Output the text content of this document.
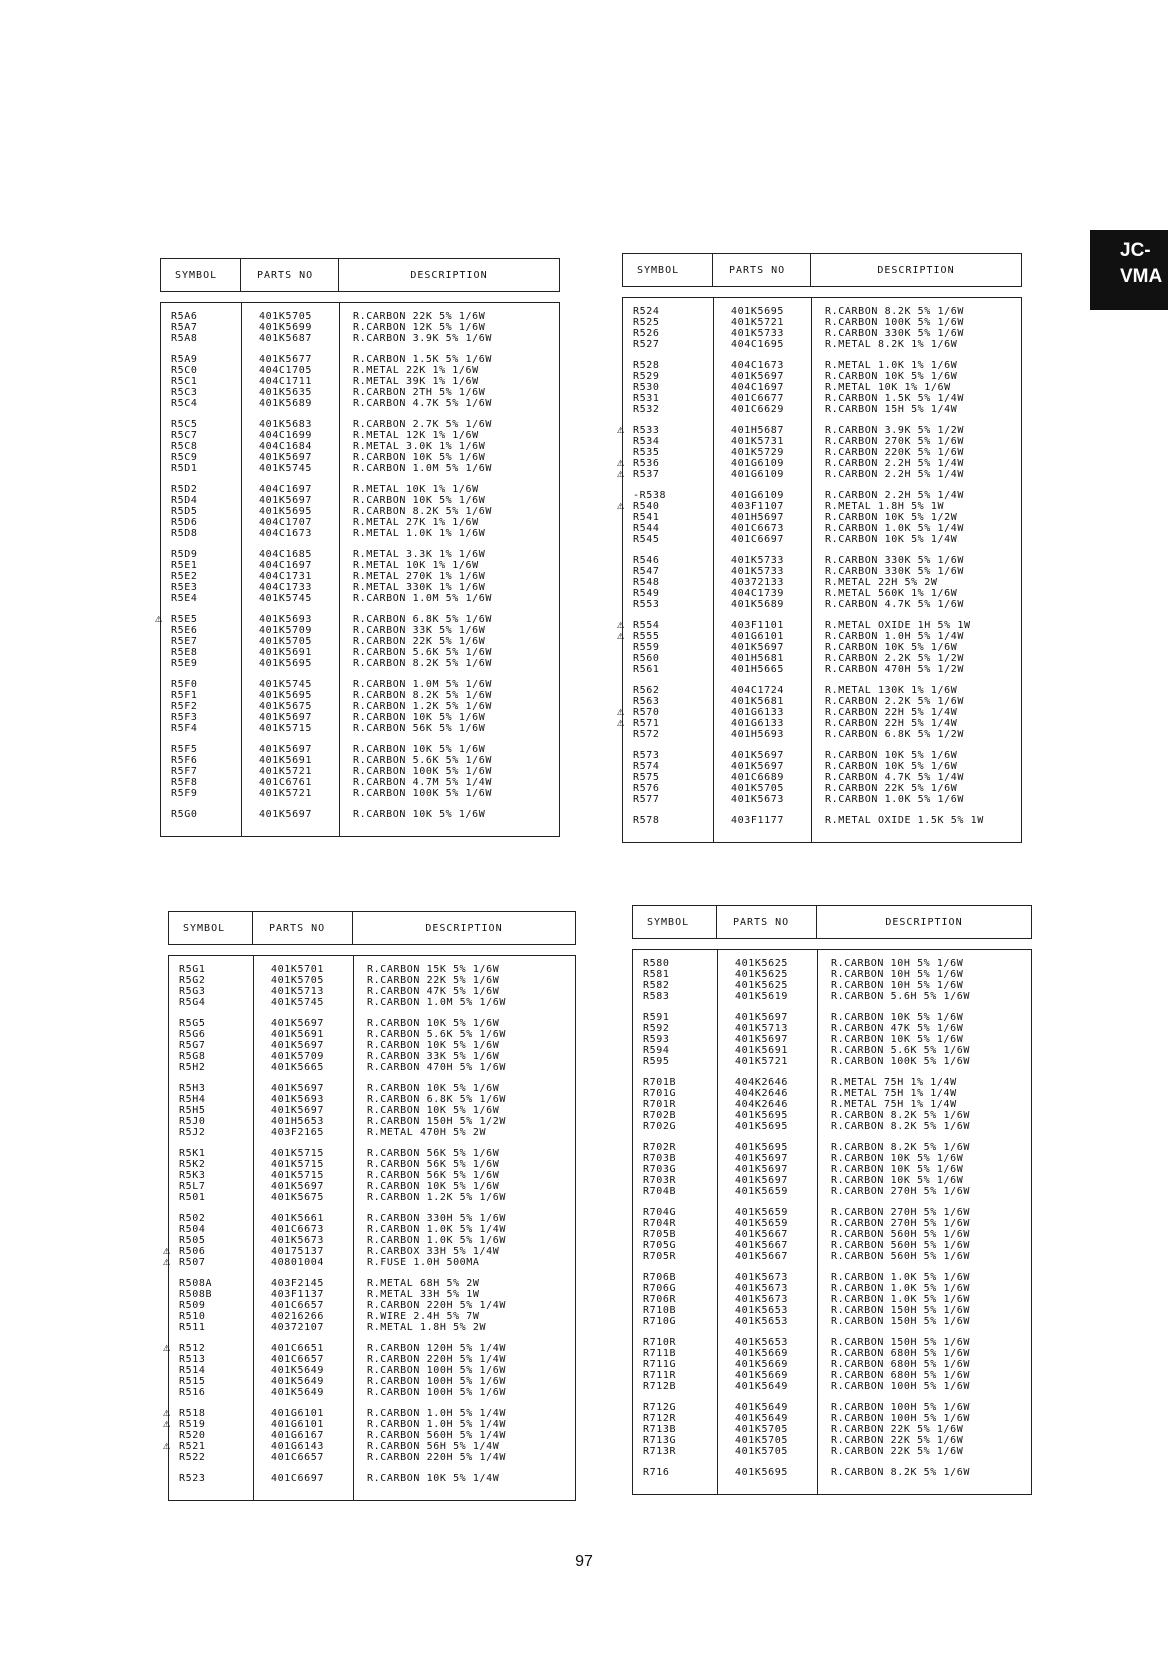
JC-
VMA
SYMBOL	PARTS NO	DESCRIPTION
R5A6	401K5705	R.CARBON 22K 5% 1/6W
R5A7	401K5699	R.CARBON 12K 5% 1/6W
R5A8	401K5687	R.CARBON 3.9K 5% 1/6W
R5A9	401K5677	R.CARBON 1.5K 5% 1/6W
R5C0	404C1705	R.METAL 22K 1% 1/6W
R5C1	404C1711	R.METAL 39K 1% 1/6W
R5C3	401K5635	R.CARBON 2TH 5% 1/6W
R5C4	401K5689	R.CARBON 4.7K 5% 1/6W
R5C5	401K5683	R.CARBON 2.7K 5% 1/6W
R5C7	404C1699	R.METAL 12K 1% 1/6W
R5C8	404C1684	R.METAL 3.0K 1% 1/6W
R5C9	401K5697	R.CARBON 10K 5% 1/6W
R5D1	401K5745	R.CARBON 1.0M 5% 1/6W
R5D2	404C1697	R.METAL 10K 1% 1/6W
R5D4	401K5697	R.CARBON 10K 5% 1/6W
R5D5	401K5695	R.CARBON 8.2K 5% 1/6W
R5D6	404C1707	R.METAL 27K 1% 1/6W
R5D8	404C1673	R.METAL 1.0K 1% 1/6W
R5D9	404C1685	R.METAL 3.3K 1% 1/6W
R5E1	404C1697	R.METAL 10K 1% 1/6W
R5E2	404C1731	R.METAL 270K 1% 1/6W
R5E3	404C1733	R.METAL 330K 1% 1/6W
R5E4	401K5745	R.CARBON 1.0M 5% 1/6W
⚠ R5E5	401K5693	R.CARBON 6.8K 5% 1/6W
R5E6	401K5709	R.CARBON 33K 5% 1/6W
R5E7	401K5705	R.CARBON 22K 5% 1/6W
R5E8	401K5691	R.CARBON 5.6K 5% 1/6W
R5E9	401K5695	R.CARBON 8.2K 5% 1/6W
R5F0	401K5745	R.CARBON 1.0M 5% 1/6W
R5F1	401K5695	R.CARBON 8.2K 5% 1/6W
R5F2	401K5675	R.CARBON 1.2K 5% 1/6W
R5F3	401K5697	R.CARBON 10K 5% 1/6W
R5F4	401K5715	R.CARBON 56K 5% 1/6W
R5F5	401K5697	R.CARBON 10K 5% 1/6W
R5F6	401K5691	R.CARBON 5.6K 5% 1/6W
R5F7	401K5721	R.CARBON 100K 5% 1/6W
R5F8	401C6761	R.CARBON 4.7M 5% 1/4W
R5F9	401K5721	R.CARBON 100K 5% 1/6W
R5G0	401K5697	R.CARBON 10K 5% 1/6W
SYMBOL	PARTS NO	DESCRIPTION
R524	401K5695	R.CARBON 8.2K 5% 1/6W
R525	401K5721	R.CARBON 100K 5% 1/6W
R526	401K5733	R.CARBON 330K 5% 1/6W
R527	404C1695	R.METAL 8.2K 1% 1/6W
R528	404C1673	R.METAL 1.0K 1% 1/6W
R529	401K5697	R.CARBON 10K 5% 1/6W
R530	404C1697	R.METAL 10K 1% 1/6W
R531	401C6677	R.CARBON 1.5K 5% 1/4W
R532	401C6629	R.CARBON 15H 5% 1/4W
⚠ R533	401H5687	R.CARBON 3.9K 5% 1/2W
R534	401K5731	R.CARBON 270K 5% 1/6W
R535	401K5729	R.CARBON 220K 5% 1/6W
⚠ R536	401G6109	R.CARBON 2.2H 5% 1/4W
⚠ R537	401G6109	R.CARBON 2.2H 5% 1/4W
-R538	401G6109	R.CARBON 2.2H 5% 1/4W
⚠ R540	403F1107	R.METAL 1.8H 5% 1W
R541	401H5697	R.CARBON 10K 5% 1/2W
R544	401C6673	R.CARBON 1.0K 5% 1/4W
R545	401C6697	R.CARBON 10K 5% 1/4W
R546	401K5733	R.CARBON 330K 5% 1/6W
R547	401K5733	R.CARBON 330K 5% 1/6W
R548	40372133	R.METAL 22H 5% 2W
R549	404C1739	R.METAL 560K 1% 1/6W
R553	401K5689	R.CARBON 4.7K 5% 1/6W
⚠ R554	403F1101	R.METAL OXIDE 1H 5% 1W
⚠ R555	401G6101	R.CARBON 1.0H 5% 1/4W
R559	401K5697	R.CARBON 10K 5% 1/6W
R560	401H5681	R.CARBON 2.2K 5% 1/2W
R561	401H5665	R.CARBON 470H 5% 1/2W
R562	404C1724	R.METAL 130K 1% 1/6W
R563	401K5681	R.CARBON 2.2K 5% 1/6W
⚠ R570	401G6133	R.CARBON 22H 5% 1/4W
⚠ R571	401G6133	R.CARBON 22H 5% 1/4W
R572	401H5693	R.CARBON 6.8K 5% 1/2W
R573	401K5697	R.CARBON 10K 5% 1/6W
R574	401K5697	R.CARBON 10K 5% 1/6W
R575	401C6689	R.CARBON 4.7K 5% 1/4W
R576	401K5705	R.CARBON 22K 5% 1/6W
R577	401K5673	R.CARBON 1.0K 5% 1/6W
R578	403F1177	R.METAL OXIDE 1.5K 5% 1W
SYMBOL	PARTS NO	DESCRIPTION
R5G1	401K5701	R.CARBON 15K 5% 1/6W
R5G2	401K5705	R.CARBON 22K 5% 1/6W
R5G3	401K5713	R.CARBON 47K 5% 1/6W
R5G4	401K5745	R.CARBON 1.0M 5% 1/6W
R5G5	401K5697	R.CARBON 10K 5% 1/6W
R5G6	401K5691	R.CARBON 5.6K 5% 1/6W
R5G7	401K5697	R.CARBON 10K 5% 1/6W
R5G8	401K5709	R.CARBON 33K 5% 1/6W
R5H2	401K5665	R.CARBON 470H 5% 1/6W
R5H3	401K5697	R.CARBON 10K 5% 1/6W
R5H4	401K5693	R.CARBON 6.8K 5% 1/6W
R5H5	401K5697	R.CARBON 10K 5% 1/6W
R5J0	401H5653	R.CARBON 150H 5% 1/2W
R5J2	403F2165	R.METAL 470H 5% 2W
R5K1	401K5715	R.CARBON 56K 5% 1/6W
R5K2	401K5715	R.CARBON 56K 5% 1/6W
R5K3	401K5715	R.CARBON 56K 5% 1/6W
R5L7	401K5697	R.CARBON 10K 5% 1/6W
R501	401K5675	R.CARBON 1.2K 5% 1/6W
R502	401K5661	R.CARBON 330H 5% 1/6W
R504	401C6673	R.CARBON 1.0K 5% 1/4W
R505	401K5673	R.CARBON 1.0K 5% 1/6W
⚠ R506	40175137	R.CARBOX 33H 5% 1/4W
⚠ R507	40801004	R.FUSE 1.0H 500MA
R508A	403F2145	R.METAL 68H 5% 2W
R508B	403F1137	R.METAL 33H 5% 1W
R509	401C6657	R.CARBON 220H 5% 1/4W
R510	40216266	R.WIRE 2.4H 5% 7W
R511	40372107	R.METAL 1.8H 5% 2W
⚠ R512	401C6651	R.CARBON 120H 5% 1/4W
R513	401C6657	R.CARBON 220H 5% 1/4W
R514	401K5649	R.CARBON 100H 5% 1/6W
R515	401K5649	R.CARBON 100H 5% 1/6W
R516	401K5649	R.CARBON 100H 5% 1/6W
⚠ R518	401G6101	R.CARBON 1.0H 5% 1/4W
⚠ R519	401G6101	R.CARBON 1.0H 5% 1/4W
R520	401G6167	R.CARBON 560H 5% 1/4W
⚠ R521	401G6143	R.CARBON 56H 5% 1/4W
R522	401C6657	R.CARBON 220H 5% 1/4W
R523	401C6697	R.CARBON 10K 5% 1/4W
SYMBOL	PARTS NO	DESCRIPTION
R580	401K5625	R.CARBON 10H 5% 1/6W
R581	401K5625	R.CARBON 10H 5% 1/6W
R582	401K5625	R.CARBON 10H 5% 1/6W
R583	401K5619	R.CARBON 5.6H 5% 1/6W
R591	401K5697	R.CARBON 10K 5% 1/6W
R592	401K5713	R.CARBON 47K 5% 1/6W
R593	401K5697	R.CARBON 10K 5% 1/6W
R594	401K5691	R.CARBON 5.6K 5% 1/6W
R595	401K5721	R.CARBON 100K 5% 1/6W
R701B	404K2646	R.METAL 75H 1% 1/4W
R701G	404K2646	R.METAL 75H 1% 1/4W
R701R	404K2646	R.METAL 75H 1% 1/4W
R702B	401K5695	R.CARBON 8.2K 5% 1/6W
R702G	401K5695	R.CARBON 8.2K 5% 1/6W
R702R	401K5695	R.CARBON 8.2K 5% 1/6W
R703B	401K5697	R.CARBON 10K 5% 1/6W
R703G	401K5697	R.CARBON 10K 5% 1/6W
R703R	401K5697	R.CARBON 10K 5% 1/6W
R704B	401K5659	R.CARBON 270H 5% 1/6W
R704G	401K5659	R.CARBON 270H 5% 1/6W
R704R	401K5659	R.CARBON 270H 5% 1/6W
R705B	401K5667	R.CARBON 560H 5% 1/6W
R705G	401K5667	R.CARBON 560H 5% 1/6W
R705R	401K5667	R.CARBON 560H 5% 1/6W
R706B	401K5673	R.CARBON 1.0K 5% 1/6W
R706G	401K5673	R.CARBON 1.0K 5% 1/6W
R706R	401K5673	R.CARBON 1.0K 5% 1/6W
R710B	401K5653	R.CARBON 150H 5% 1/6W
R710G	401K5653	R.CARBON 150H 5% 1/6W
R710R	401K5653	R.CARBON 150H 5% 1/6W
R711B	401K5669	R.CARBON 680H 5% 1/6W
R711G	401K5669	R.CARBON 680H 5% 1/6W
R711R	401K5669	R.CARBON 680H 5% 1/6W
R712B	401K5649	R.CARBON 100H 5% 1/6W
R712G	401K5649	R.CARBON 100H 5% 1/6W
R712R	401K5649	R.CARBON 100H 5% 1/6W
R713B	401K5705	R.CARBON 22K 5% 1/6W
R713G	401K5705	R.CARBON 22K 5% 1/6W
R713R	401K5705	R.CARBON 22K 5% 1/6W
R716	401K5695	R.CARBON 8.2K 5% 1/6W
97
